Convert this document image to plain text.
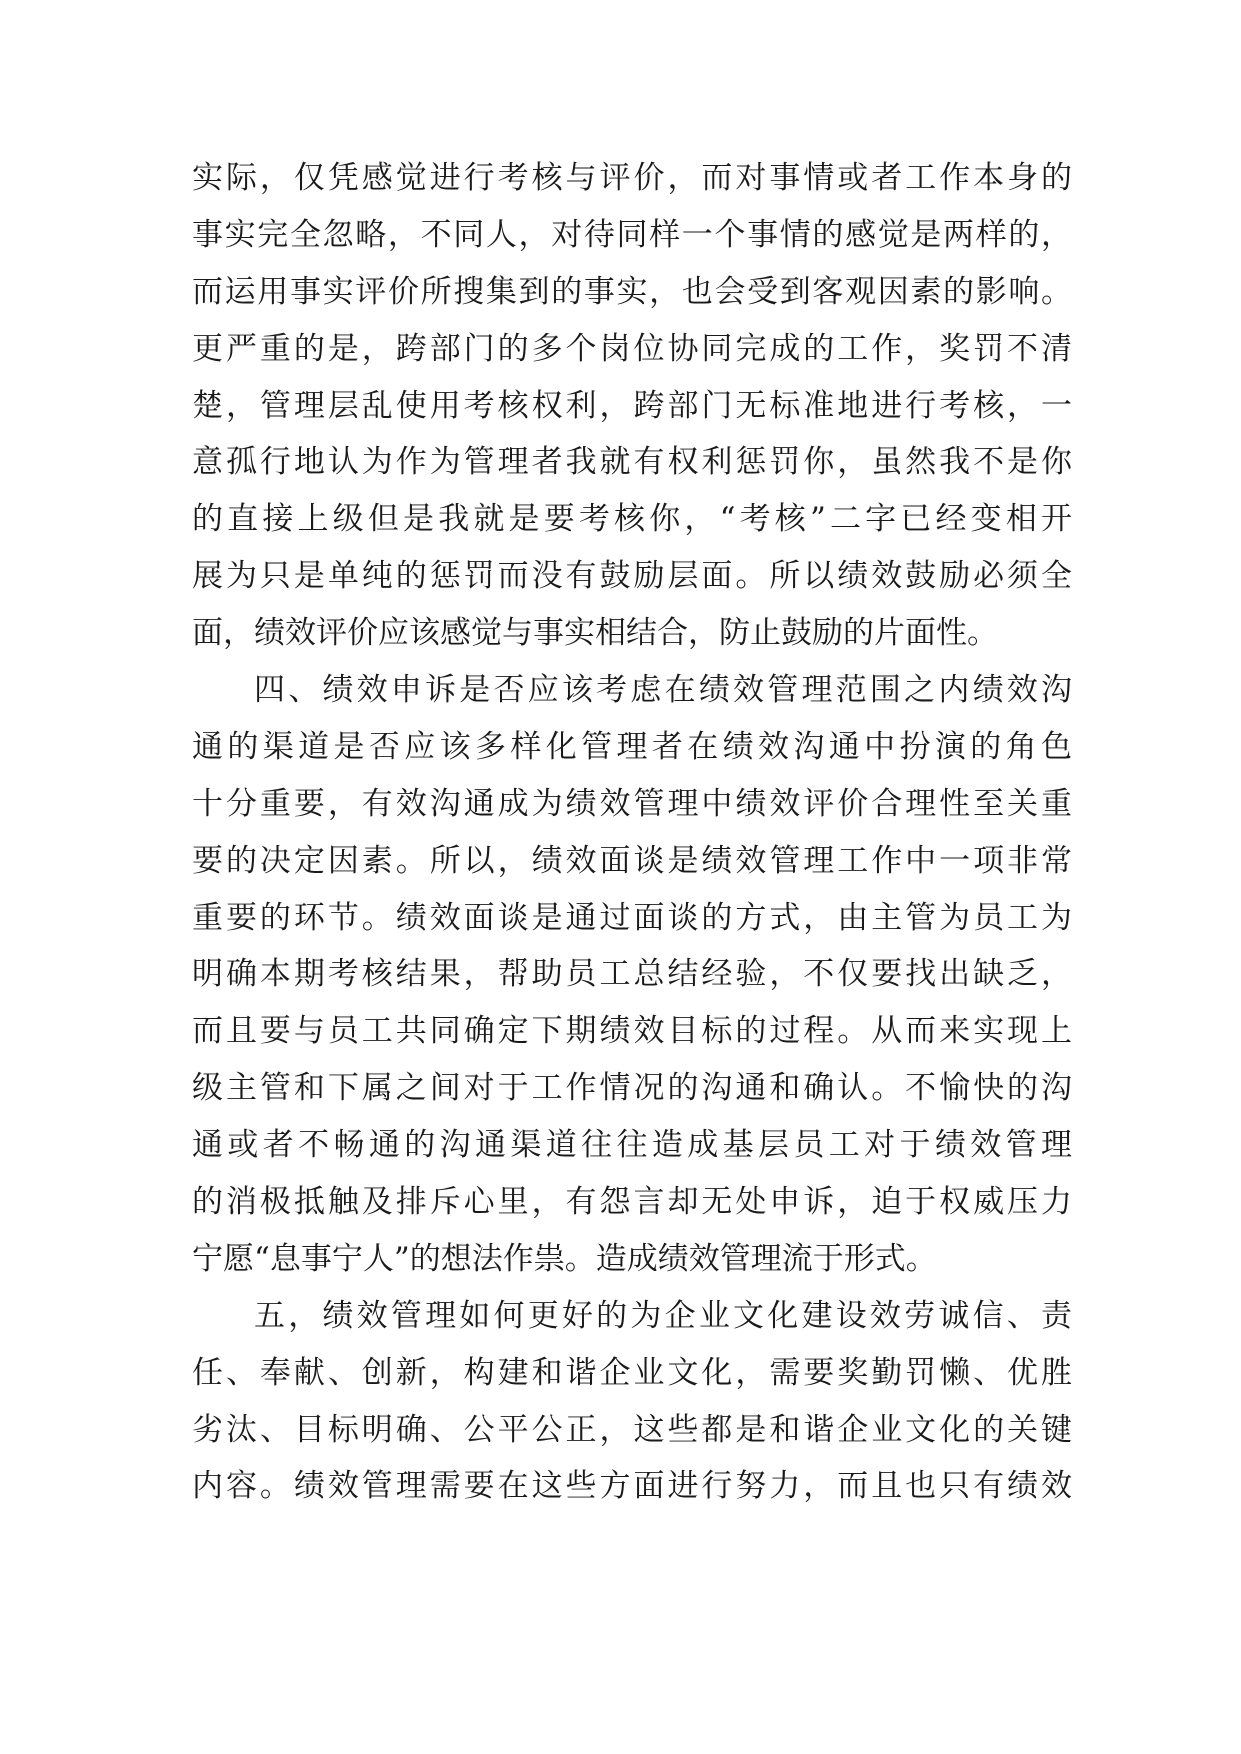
实际，仅凭感觉进行考核与评价，而对事情或者工作本身的
事实完全忽略，不同人，对待同样一个事情的感觉是两样的，
而运用事实评价所搜集到的事实，也会受到客观因素的影响。
更严重的是，跨部门的多个岗位协同完成的工作，奖罚不清
楚，管理层乱使用考核权利，跨部门无标准地进行考核，一
意孤行地认为作为管理者我就有权利惩罚你，虽然我不是你
的直接上级但是我就是要考核你，“考核”二字已经变相开
展为只是单纯的惩罚而没有鼓励层面。所以绩效鼓励必须全
面，绩效评价应该感觉与事实相结合，防止鼓励的片面性。
四、绩效申诉是否应该考虑在绩效管理范围之内绩效沟
通的渠道是否应该多样化管理者在绩效沟通中扮演的角色
十分重要，有效沟通成为绩效管理中绩效评价合理性至关重
要的决定因素。所以，绩效面谈是绩效管理工作中一项非常
重要的环节。绩效面谈是通过面谈的方式，由主管为员工为
明确本期考核结果，帮助员工总结经验，不仅要找出缺乏，
而且要与员工共同确定下期绩效目标的过程。从而来实现上
级主管和下属之间对于工作情况的沟通和确认。不愉快的沟
通或者不畅通的沟通渠道往往造成基层员工对于绩效管理
的消极抵触及排斥心里，有怨言却无处申诉，迫于权威压力
宁愿“息事宁人”的想法作祟。造成绩效管理流于形式。
五，绩效管理如何更好的为企业文化建设效劳诚信、责
任、奉献、创新，构建和谐企业文化，需要奖勤罚懒、优胜
劣汰、目标明确、公平公正，这些都是和谐企业文化的关键
内容。绩效管理需要在这些方面进行努力，而且也只有绩效
